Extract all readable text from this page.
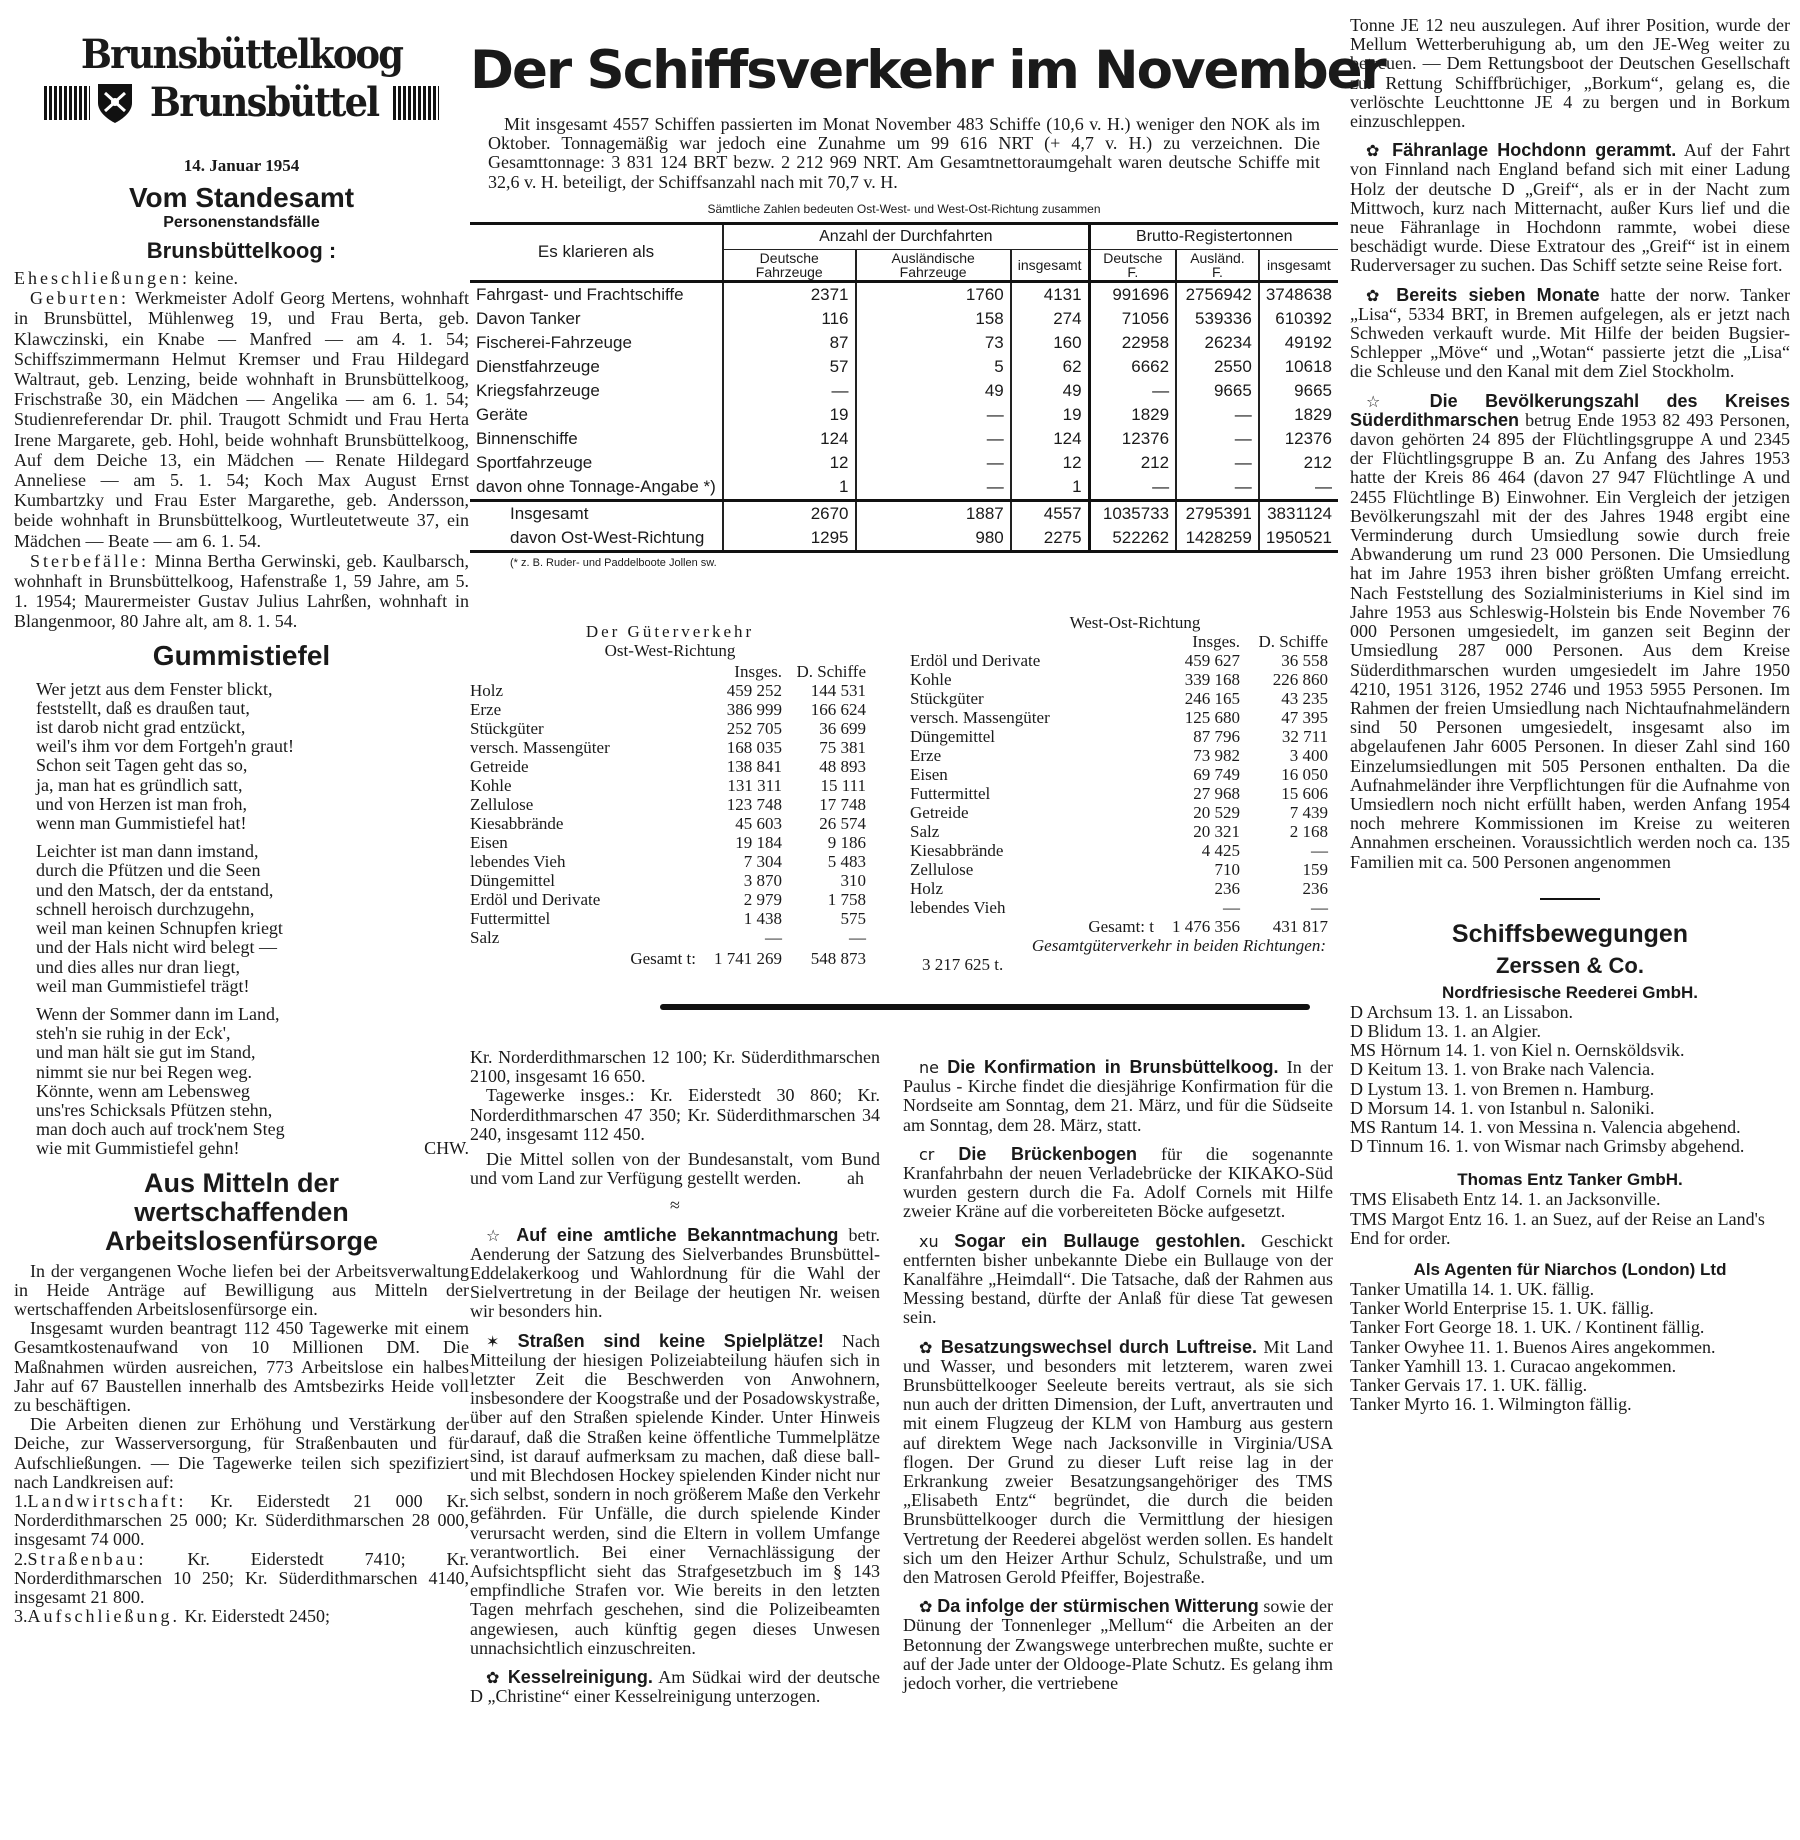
Brunsbüttelkoog
Brunsbüttel
14. Januar 1954
Vom Standesamt
Personenstandsfälle
Brunsbüttelkoog :

Eheschließungen: keine.

Geburten: Werkmeister Adolf Georg Mertens, wohnhaft in Brunsbüttel, Mühlenweg 19, und Frau Berta, geb. Klawczinski, ein Knabe — Manfred — am 4. 1. 54; Schiffszimmermann Helmut Kremser und Frau Hildegard Waltraut, geb. Lenzing, beide wohnhaft in Brunsbüttelkoog, Frischstraße 30, ein Mädchen — Angelika — am 6. 1. 54; Studienreferendar Dr. phil. Traugott Schmidt und Frau Herta Irene Margarete, geb. Hohl, beide wohnhaft Brunsbüttelkoog, Auf dem Deiche 13, ein Mädchen — Renate Hildegard Anneliese — am 5. 1. 54; Koch Max August Ernst Kumbartzky und Frau Ester Margarethe, geb. Andersson, beide wohnhaft in Brunsbüttelkoog, Wurtleutetweute 37, ein Mädchen — Beate — am 6. 1. 54.

Sterbefälle: Minna Bertha Gerwinski, geb. Kaulbarsch, wohnhaft in Brunsbüttelkoog, Hafenstraße 1, 59 Jahre, am 5. 1. 1954; Maurermeister Gustav Julius Lahrßen, wohnhaft in Blangenmoor, 80 Jahre alt, am 8. 1. 54.

Gummistiefel

Wer jetzt aus dem Fenster blickt,

feststellt, daß es draußen taut,

ist darob nicht grad entzückt,

weil's ihm vor dem Fortgeh'n graut!

Schon seit Tagen geht das so,

ja, man hat es gründlich satt,

und von Herzen ist man froh,

wenn man Gummistiefel hat!

Leichter ist man dann imstand,

durch die Pfützen und die Seen

und den Matsch, der da entstand,

schnell heroisch durchzugehn,

weil man keinen Schnupfen kriegt

und der Hals nicht wird belegt —

und dies alles nur dran liegt,

weil man Gummistiefel trägt!

Wenn der Sommer dann im Land,

steh'n sie ruhig in der Eck',

und man hält sie gut im Stand,

nimmt sie nur bei Regen weg.

Könnte, wenn am Lebensweg

uns'res Schicksals Pfützen stehn,

man doch auch auf trock'nem Steg

wie mit Gummistiefel gehn!	CHW.

Aus Mitteln der
wertschaffenden
Arbeitslosenfürsorge

In der vergangenen Woche liefen bei der Arbeitsverwaltung in Heide Anträge auf Bewilligung aus Mitteln der wertschaffenden Arbeitslosenfürsorge ein.

Insgesamt wurden beantragt 112 450 Tagewerke mit einem Gesamtkostenaufwand von 10 Millionen DM. Die Maßnahmen würden ausreichen, 773 Arbeitslose ein halbes Jahr auf 67 Baustellen innerhalb des Amtsbezirks Heide voll zu beschäftigen.

Die Arbeiten dienen zur Erhöhung und Verstärkung der Deiche, zur Wasserversorgung, für Straßenbauten und für Aufschließungen. — Die Tagewerke teilen sich spezifiziert nach Landkreisen auf:

1.Landwirtschaft: Kr. Eiderstedt 21 000 Kr. Norderdithmarschen 25 000; Kr. Süderdithmarschen 28 000, insgesamt 74 000.

2.Straßenbau: Kr. Eiderstedt 7410; Kr. Norderdithmarschen 10 250; Kr. Süderdithmarschen 4140, insgesamt 21 800.

3.Aufschließung. Kr. Eiderstedt 2450;

Der Schiffsverkehr im November

Mit insgesamt 4557 Schiffen passierten im Monat November 483 Schiffe (10,6 v. H.) weniger den NOK als im Oktober. Tonnagemäßig war jedoch eine Zunahme um 99 616 NRT (+ 4,7 v. H.) zu verzeichnen. Die Gesamttonnage: 3 831 124 BRT bezw. 2 212 969 NRT. Am Gesamtnettoraumgehalt waren deutsche Schiffe mit 32,6 v. H. beteiligt, der Schiffsanzahl nach mit 70,7 v. H.

Sämtliche Zahlen bedeuten Ost-West- und West-Ost-Richtung zusammen
Es klarieren als	Anzahl der Durchfahrten			Brutto-Registertonnen		
	Deutsche Fahrzeuge	Ausländische Fahrzeuge	insgesamt	Deutsche F.	Ausländ. F.	insgesamt
Fahrgast- und Frachtschiffe	2371	1760	4131	991696	2756942	3748638
Davon Tanker	116	158	274	71056	539336	610392
Fischerei-Fahrzeuge	87	73	160	22958	26234	49192
Dienstfahrzeuge	57	5	62	6662	2550	10618
Kriegsfahrzeuge	—	49	49	—	9665	9665
Geräte	19	—	19	1829	—	1829
Binnenschiffe	124	—	124	12376	—	12376
Sportfahrzeuge	12	—	12	212	—	212
davon ohne Tonnage-Angabe *)	1	—	1	—	—	—
Insgesamt	2670	1887	4557	1035733	2795391	3831124
davon Ost-West-Richtung	1295	980	2275	522262	1428259	1950521
(* z. B. Ruder- und Paddelboote Jollen sw.
Der Güterverkehr
Ost-West-Richtung
Insges. D. Schiffe
Holz	459 252	144 531
Erze	386 999	166 624
Stückgüter	252 705	36 699
versch. Massengüter	168 035	75 381
Getreide	138 841	48 893
Kohle	131 311	15 111
Zellulose	123 748	17 748
Kiesabbrände	45 603	26 574
Eisen	19 184	9 186
lebendes Vieh	7 304	5 483
Düngemittel	3 870	310
Erdöl und Derivate	2 979	1 758
Futtermittel	1 438	575
Salz	—	—
Gesamt t:	1 741 269	548 873
West-Ost-Richtung
Insges.	D. Schiffe
Erdöl und Derivate	459 627	36 558
Kohle	339 168	226 860
Stückgüter	246 165	43 235
versch. Massengüter	125 680	47 395
Düngemittel	87 796	32 711
Erze	73 982	3 400
Eisen	69 749	16 050
Futtermittel	27 968	15 606
Getreide	20 529	7 439
Salz	20 321	2 168
Kiesabbrände	4 425	—
Zellulose	710	159
Holz	236	236
lebendes Vieh	—	—
Gesamt: t	1 476 356	431 817
Gesamtgüterverkehr in beiden Richtungen:
3 217 625 t.

Kr. Norderdithmarschen 12 100; Kr. Süderdithmarschen 2100, insgesamt 16 650.

Tagewerke insges.: Kr. Eiderstedt 30 860; Kr. Norderdithmarschen 47 350; Kr. Süderdithmarschen 34 240, insgesamt 112 450.

Die Mittel sollen von der Bundesanstalt, vom Bund und vom Land zur Verfügung gestellt werden.	ah

≈

☆ Auf eine amtliche Bekanntmachung betr. Aenderung der Satzung des Sielverbandes Brunsbüttel-Eddelakerkoog und Wahlordnung für die Wahl der Sielvertretung in der Beilage der heutigen Nr. weisen wir besonders hin.

✶ Straßen sind keine Spielplätze! Nach Mitteilung der hiesigen Polizeiabteilung häufen sich in letzter Zeit die Beschwerden von Anwohnern, insbesondere der Koogstraße und der Posadowskystraße, über auf den Straßen spielende Kinder. Unter Hinweis darauf, daß die Straßen keine öffentliche Tummelplätze sind, ist darauf aufmerksam zu machen, daß diese ball- und mit Blechdosen Hockey spielenden Kinder nicht nur sich selbst, sondern in noch größerem Maße den Verkehr gefährden. Für Unfälle, die durch spielende Kinder verursacht werden, sind die Eltern in vollem Umfange verantwortlich. Bei einer Vernachlässigung der Aufsichtspflicht sieht das Strafgesetzbuch im § 143 empfindliche Strafen vor. Wie bereits in den letzten Tagen mehrfach geschehen, sind die Polizeibeamten angewiesen, auch künftig gegen dieses Unwesen unnachsichtlich einzuschreiten.

✿ Kesselreinigung. Am Südkai wird der deutsche D „Christine“ einer Kesselreinigung unterzogen.

ne Die Konfirmation in Brunsbüttelkoog. In der Paulus - Kirche findet die diesjährige Konfirmation für die Nordseite am Sonntag, dem 21. März, und für die Südseite am Sonntag, dem 28. März, statt.

cr Die Brückenbogen für die sogenannte Kranfahrbahn der neuen Verladebrücke der KIKAKO-Süd wurden gestern durch die Fa. Adolf Cornels mit Hilfe zweier Kräne auf die vorbereiteten Böcke aufgesetzt.

xu Sogar ein Bullauge gestohlen. Geschickt entfernten bisher unbekannte Diebe ein Bullauge von der Kanalfähre „Heimdall“. Die Tatsache, daß der Rahmen aus Messing bestand, dürfte der Anlaß für diese Tat gewesen sein.

✿ Besatzungswechsel durch Luftreise. Mit Land und Wasser, und besonders mit letzterem, waren zwei Brunsbüttelkooger Seeleute bereits vertraut, als sie sich nun auch der dritten Dimension, der Luft, anvertrauten und mit einem Flugzeug der KLM von Hamburg aus gestern auf direktem Wege nach Jacksonville in Virginia/USA flogen. Der Grund zu dieser Luft reise lag in der Erkrankung zweier Besatzungsangehöriger des TMS „Elisabeth Entz“ begründet, die durch die beiden Brunsbüttelkooger durch die Vermittlung der hiesigen Vertretung der Reederei abgelöst werden sollen. Es handelt sich um den Heizer Arthur Schulz, Schulstraße, und um den Matrosen Gerold Pfeiffer, Bojestraße.

✿ Da infolge der stürmischen Witterung sowie der Dünung der Tonnenleger „Mellum“ die Arbeiten an der Betonnung der Zwangswege unterbrechen mußte, suchte er auf der Jade unter der Oldooge-Plate Schutz. Es gelang ihm jedoch vorher, die vertriebene

Tonne JE 12 neu auszulegen. Auf ihrer Position, wurde der Mellum Wetterberuhigung ab, um den JE-Weg weiter zu betreuen. — Dem Rettungsboot der Deutschen Gesellschaft zur Rettung Schiffbrüchiger, „Borkum“, gelang es, die verlöschte Leuchttonne JE 4 zu bergen und in Borkum einzuschleppen.

✿ Fähranlage Hochdonn gerammt. Auf der Fahrt von Finnland nach England befand sich mit einer Ladung Holz der deutsche D „Greif“, als er in der Nacht zum Mittwoch, kurz nach Mitternacht, außer Kurs lief und die neue Fähranlage in Hochdonn rammte, wobei diese beschädigt wurde. Diese Extratour des „Greif“ ist in einem Ruderversager zu suchen. Das Schiff setzte seine Reise fort.

✿ Bereits sieben Monate hatte der norw. Tanker „Lisa“, 5334 BRT, in Bremen aufgelegen, als er jetzt nach Schweden verkauft wurde. Mit Hilfe der beiden Bugsier-Schlepper „Möve“ und „Wotan“ passierte jetzt die „Lisa“ die Schleuse und den Kanal mit dem Ziel Stockholm.

☆ Die Bevölkerungszahl des Kreises Süderdithmarschen betrug Ende 1953 82 493 Personen, davon gehörten 24 895 der Flüchtlingsgruppe A und 2345 der Flüchtlingsgruppe B an. Zu Anfang des Jahres 1953 hatte der Kreis 86 464 (davon 27 947 Flüchtlinge A und 2455 Flüchtlinge B) Einwohner. Ein Vergleich der jetzigen Bevölkerungszahl mit der des Jahres 1948 ergibt eine Verminderung durch Umsiedlung sowie durch freie Abwanderung um rund 23 000 Personen. Die Umsiedlung hat im Jahre 1953 ihren bisher größten Umfang erreicht. Nach Feststellung des Sozialministeriums in Kiel sind im Jahre 1953 aus Schleswig-Holstein bis Ende November 76 000 Personen umgesiedelt, im ganzen seit Beginn der Umsiedlung 287 000 Personen. Aus dem Kreise Süderdithmarschen wurden umgesiedelt im Jahre 1950 4210, 1951 3126, 1952 2746 und 1953 5955 Personen. Im Rahmen der freien Umsiedlung nach Nichtaufnahmeländern sind 50 Personen umgesiedelt, insgesamt also im abgelaufenen Jahr 6005 Personen. In dieser Zahl sind 160 Einzelumsiedlungen mit 505 Personen enthalten. Da die Aufnahmeländer ihre Verpflichtungen für die Aufnahme von Umsiedlern noch nicht erfüllt haben, werden Anfang 1954 noch mehrere Kommissionen im Kreise zu weiteren Annahmen erscheinen. Voraussichtlich werden noch ca. 135 Familien mit ca. 500 Personen angenommen

Schiffsbewegungen
Zerssen & Co.
Nordfriesische Reederei GmbH.

D Archsum 13. 1. an Lissabon.

D Blidum 13. 1. an Algier.

MS Hörnum 14. 1. von Kiel n. Oernsköldsvik.

D Keitum 13. 1. von Brake nach Valencia.

D Lystum 13. 1. von Bremen n. Hamburg.

D Morsum 14. 1. von Istanbul n. Saloniki.

MS Rantum 14. 1. von Messina n. Valencia abgehend.

D Tinnum 16. 1. von Wismar nach Grimsby abgehend.

Thomas Entz Tanker GmbH.

TMS Elisabeth Entz 14. 1. an Jacksonville.

TMS Margot Entz 16. 1. an Suez, auf der Reise an Land's End for order.

Als Agenten für Niarchos (London) Ltd

Tanker Umatilla 14. 1. UK. fällig.

Tanker World Enterprise 15. 1. UK. fällig.

Tanker Fort George 18. 1. UK. / Kontinent fällig.

Tanker Owyhee 11. 1. Buenos Aires angekommen.

Tanker Yamhill 13. 1. Curacao angekommen.

Tanker Gervais 17. 1. UK. fällig.

Tanker Myrto 16. 1. Wilmington fällig.
